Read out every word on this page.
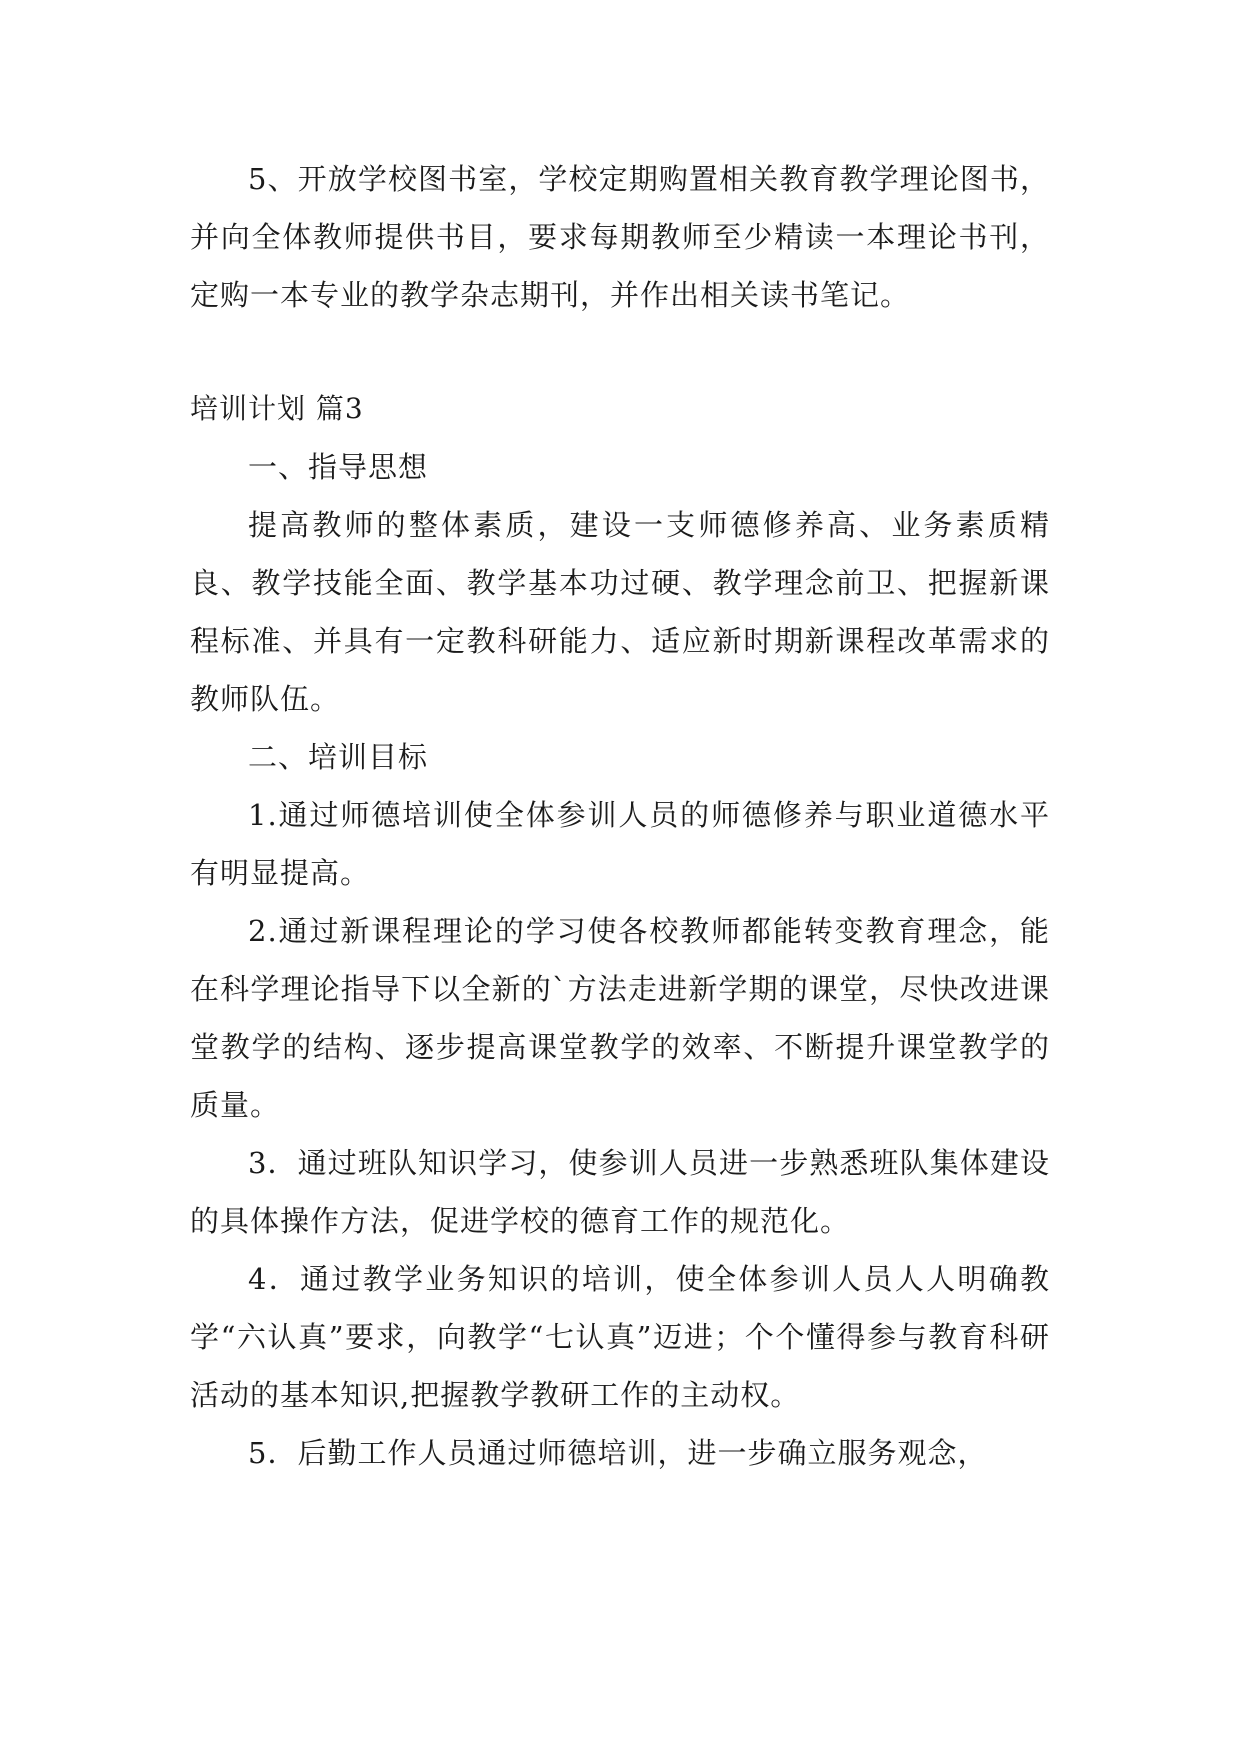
5、开放学校图书室，学校定期购置相关教育教学理论图书，并向全体教师提供书目，要求每期教师至少精读一本理论书刊，定购一本专业的教学杂志期刊，并作出相关读书笔记。

培训计划 篇3

一、指导思想

提高教师的整体素质，建设一支师德修养高、业务素质精良、教学技能全面、教学基本功过硬、教学理念前卫、把握新课程标准、并具有一定教科研能力、适应新时期新课程改革需求的教师队伍。

二、培训目标

1.通过师德培训使全体参训人员的师德修养与职业道德水平有明显提高。

2.通过新课程理论的学习使各校教师都能转变教育理念，能在科学理论指导下以全新的`方法走进新学期的课堂，尽快改进课堂教学的结构、逐步提高课堂教学的效率、不断提升课堂教学的质量。

3．通过班队知识学习，使参训人员进一步熟悉班队集体建设的具体操作方法，促进学校的德育工作的规范化。

4．通过教学业务知识的培训，使全体参训人员人人明确教学“六认真”要求，向教学“七认真”迈进；个个懂得参与教育科研活动的基本知识,把握教学教研工作的主动权。

5．后勤工作人员通过师德培训，进一步确立服务观念，
